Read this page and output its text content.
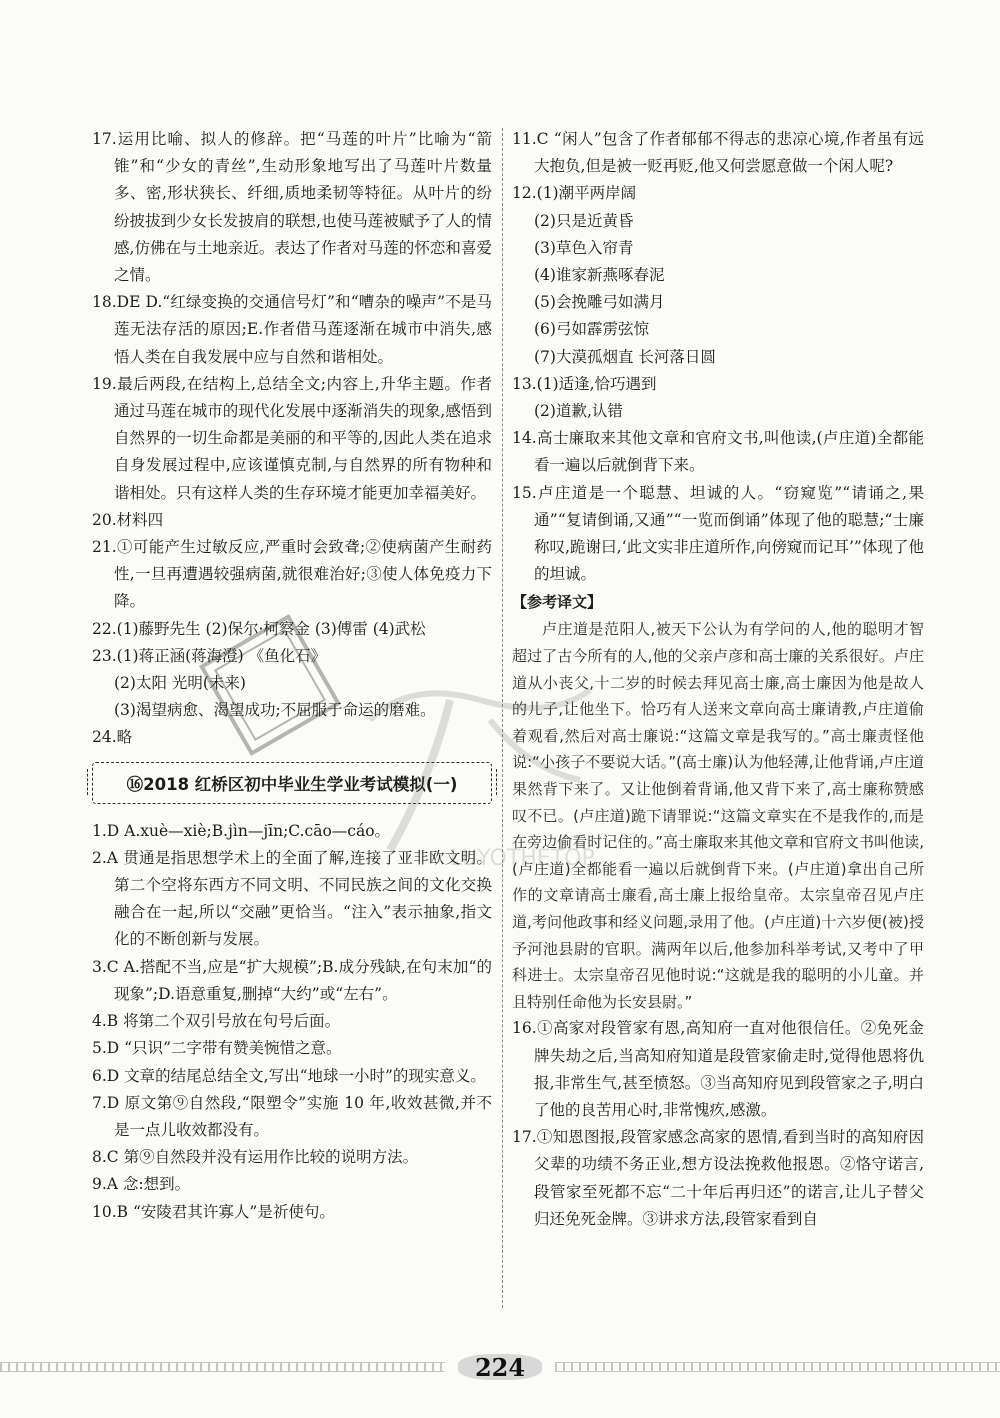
17.运用比喻、拟人的修辞。把“马莲的叶片”比喻为“箭锥”和“少女的青丝”,生动形象地写出了马莲叶片数量多、密,形状狭长、纤细,质地柔韧等特征。从叶片的纷纷披拔到少女长发披肩的联想,也使马莲被赋予了人的情感,仿佛在与土地亲近。表达了作者对马莲的怀恋和喜爱之情。

18.DE D.“红绿变换的交通信号灯”和“嘈杂的噪声”不是马莲无法存活的原因;E.作者借马莲逐渐在城市中消失,感悟人类在自我发展中应与自然和谐相处。

19.最后两段,在结构上,总结全文;内容上,升华主题。作者通过马莲在城市的现代化发展中逐渐消失的现象,感悟到自然界的一切生命都是美丽的和平等的,因此人类在追求自身发展过程中,应该谨慎克制,与自然界的所有物种和谐相处。只有这样人类的生存环境才能更加幸福美好。

20.材料四

21.①可能产生过敏反应,严重时会致聋;②使病菌产生耐药性,一旦再遭遇较强病菌,就很难治好;③使人体免疫力下降。

22.(1)藤野先生 (2)保尔·柯察金 (3)傅雷 (4)武松

23.(1)蒋正涵(蒋海澄) 《鱼化石》

(2)太阳 光明(未来)

(3)渴望病愈、渴望成功;不屈服于命运的磨难。

24.略

⑯2018 红桥区初中毕业生学业考试模拟(一)

1.D A.xuè—xiè;B.jìn—jīn;C.cāo—cáo。

2.A 贯通是指思想学术上的全面了解,连接了亚非欧文明。第二个空将东西方不同文明、不同民族之间的文化交换融合在一起,所以“交融”更恰当。“注入”表示抽象,指文化的不断创新与发展。

3.C A.搭配不当,应是“扩大规模”;B.成分残缺,在句末加“的现象”;D.语意重复,删掉“大约”或“左右”。

4.B 将第二个双引号放在句号后面。

5.D “只识”二字带有赞美惋惜之意。

6.D 文章的结尾总结全文,写出“地球一小时”的现实意义。

7.D 原文第⑨自然段,“限塑令”实施 10 年,收效甚微,并不是一点儿收效都没有。

8.C 第⑨自然段并没有运用作比较的说明方法。

9.A 念:想到。

10.B “安陵君其许寡人”是祈使句。

11.C “闲人”包含了作者郁郁不得志的悲凉心境,作者虽有远大抱负,但是被一贬再贬,他又何尝愿意做一个闲人呢?

12.(1)潮平两岸阔

(2)只是近黄昏

(3)草色入帘青

(4)谁家新燕啄春泥

(5)会挽雕弓如满月

(6)弓如霹雳弦惊

(7)大漠孤烟直 长河落日圆

13.(1)适逢,恰巧遇到

(2)道歉,认错

14.高士廉取来其他文章和官府文书,叫他读,(卢庄道)全都能看一遍以后就倒背下来。

15.卢庄道是一个聪慧、坦诚的人。“窃窥览”“请诵之,果通”“复请倒诵,又通”“一览而倒诵”体现了他的聪慧;“士廉称叹,跪谢曰,‘此文实非庄道所作,向傍窥而记耳’”体现了他的坦诚。

【参考译文】

卢庄道是范阳人,被天下公认为有学问的人,他的聪明才智超过了古今所有的人,他的父亲卢彦和高士廉的关系很好。卢庄道从小丧父,十二岁的时候去拜见高士廉,高士廉因为他是故人的儿子,让他坐下。恰巧有人送来文章向高士廉请教,卢庄道偷着观看,然后对高士廉说:“这篇文章是我写的。”高士廉责怪他说:“小孩子不要说大话。”(高士廉)认为他轻薄,让他背诵,卢庄道果然背下来了。又让他倒着背诵,他又背下来了,高士廉称赞感叹不已。(卢庄道)跪下请罪说:“这篇文章实在不是我作的,而是在旁边偷看时记住的。”高士廉取来其他文章和官府文书叫他读,(卢庄道)全都能看一遍以后就倒背下来。(卢庄道)拿出自己所作的文章请高士廉看,高士廉上报给皇帝。太宗皇帝召见卢庄道,考问他政事和经义问题,录用了他。(卢庄道)十六岁便(被)授予河池县尉的官职。满两年以后,他参加科举考试,又考中了甲科进士。太宗皇帝召见他时说:“这就是我的聪明的小儿童。并且特别任命他为长安县尉。”

16.①高家对段管家有恩,高知府一直对他很信任。②免死金牌失劫之后,当高知府知道是段管家偷走时,觉得他恩将仇报,非常生气,甚至愤怒。③当高知府见到段管家之子,明白了他的良苦用心时,非常愧疚,感激。

17.①知恩图报,段管家感念高家的恩情,看到当时的高知府因父辈的功绩不务正业,想方设法挽救他报恩。②恪守诺言,段管家至死都不忘“二十年后再归还”的诺言,让儿子替父归还免死金牌。③讲求方法,段管家看到自

LUYOTHETOP
224
